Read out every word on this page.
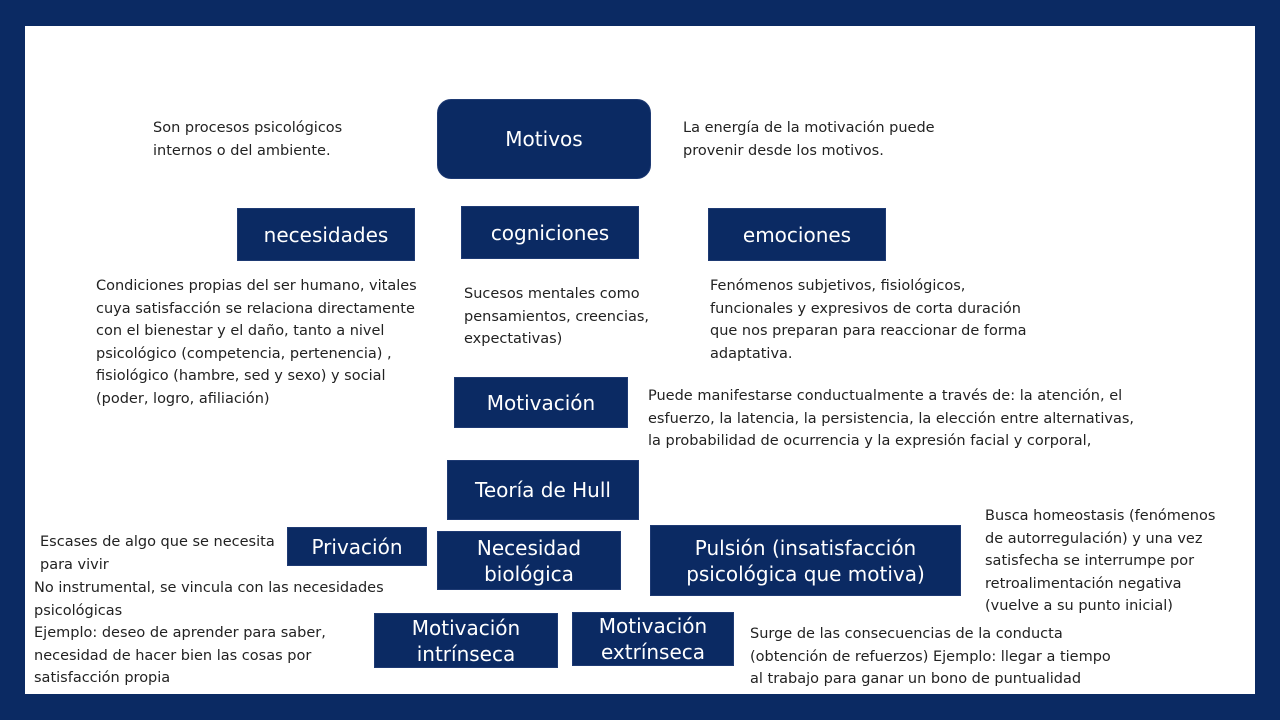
Motivos
Son procesos psicológicos
internos o del ambiente.
La energía de la motivación puede
provenir desde los motivos.
necesidades	cogniciones	emociones
Condiciones propias del ser humano, vitales
cuya satisfacción se relaciona directamente
con el bienestar y el daño, tanto a nivel
psicológico (competencia, pertenencia) ,
fisiológico (hambre, sed y sexo) y social
(poder, logro, afiliación)
Sucesos mentales como
pensamientos, creencias,
expectativas)
Fenómenos subjetivos, fisiológicos,
funcionales y expresivos de corta duración
que nos preparan para reaccionar de forma
adaptativa.
Motivación	Puede manifestarse conductualmente a través de: la atención, el
esfuerzo, la latencia, la persistencia, la elección entre alternativas,
la probabilidad de ocurrencia y la expresión facial y corporal,
Teoría de Hull
Escases de algo que se necesita
para vivir
Privación	Necesidad biológica
Pulsión (insatisfacción psicológica que motiva)
Busca homeostasis (fenómenos
de autorregulación) y una vez
satisfecha se interrumpe por
retroalimentación negativa
(vuelve a su punto inicial)
No instrumental, se vincula con las necesidades
psicológicas
Ejemplo: deseo de aprender para saber,
necesidad de hacer bien las cosas por
satisfacción propia
Motivación intrínseca
Motivación extrínseca
Surge de las consecuencias de la conducta
(obtención de refuerzos) Ejemplo: llegar a tiempo
al trabajo para ganar un bono de puntualidad
